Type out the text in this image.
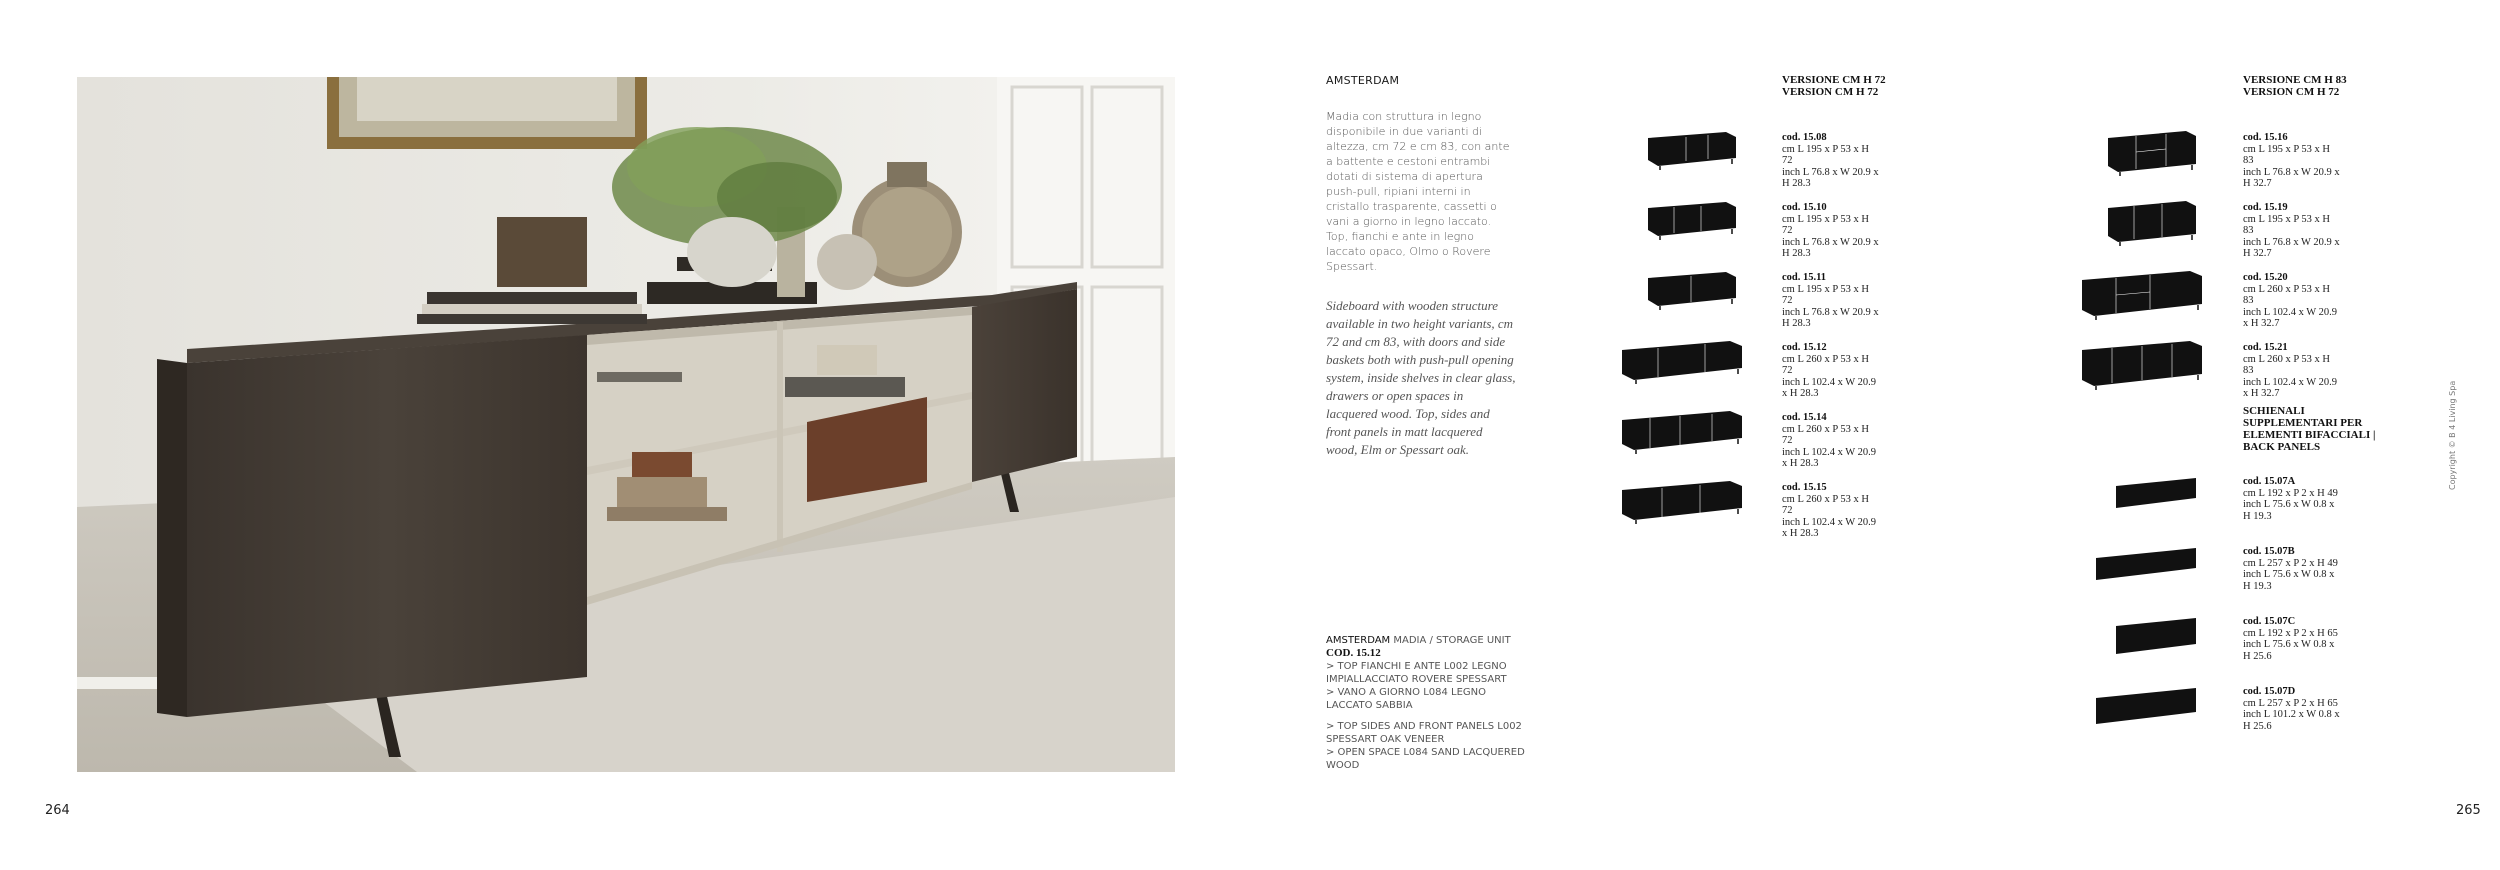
264	265
AMSTERDAM
Madia con struttura in legno disponibile in due varianti di altezza, cm 72 e cm 83, con ante a battente e cestoni entrambi dotati di sistema di apertura push-pull, ripiani interni in cristallo trasparente, cassetti o vani a giorno in legno laccato. Top, fianchi e ante in legno laccato opaco, Olmo o Rovere Spessart.
Sideboard with wooden structure available in two height variants, cm 72 and cm 83, with doors and side baskets both with push-pull opening system, inside shelves in clear glass, drawers or open spaces in lacquered wood. Top, sides and front panels in matt lacquered wood, Elm or Spessart oak.

AMSTERDAM MADIA / STORAGE UNIT

COD. 15.12

> TOP FIANCHI E ANTE L002 LEGNO IMPIALLACCIATO ROVERE SPESSART

> VANO A GIORNO L084 LEGNO LACCATO SABBIA

> TOP SIDES AND FRONT PANELS L002 SPESSART OAK VENEER

> OPEN SPACE L084 SAND LACQUERED WOOD

VERSIONE CM H 72
VERSION CM H 72
cod. 15.08
cm L 195 x P 53 x H 72
inch L 76.8 x W 20.9 x H 28.3
cod. 15.10
cm L 195 x P 53 x H 72
inch L 76.8 x W 20.9 x H 28.3
cod. 15.11
cm L 195 x P 53 x H 72
inch L 76.8 x W 20.9 x H 28.3
cod. 15.12
cm L 260 x P 53 x H 72
inch L 102.4 x W 20.9 x H 28.3
cod. 15.14
cm L 260 x P 53 x H 72
inch L 102.4 x W 20.9 x H 28.3
cod. 15.15
cm L 260 x P 53 x H 72
inch L 102.4 x W 20.9 x H 28.3
VERSIONE CM H 83
VERSION CM H 72
cod. 15.16
cm L 195 x P 53 x H 83
inch L 76.8 x W 20.9 x H 32.7
cod. 15.19
cm L 195 x P 53 x H 83
inch L 76.8 x W 20.9 x H 32.7
cod. 15.20
cm L 260 x P 53 x H 83
inch L 102.4 x W 20.9 x H 32.7
cod. 15.21
cm L 260 x P 53 x H 83
inch L 102.4 x W 20.9 x H 32.7
SCHIENALI SUPPLEMENTARI PER ELEMENTI BIFACCIALI | BACK PANELS
cod. 15.07A
cm L 192 x P 2 x H 49
inch L 75.6 x W 0.8 x H 19.3
cod. 15.07B
cm L 257 x P 2 x H 49
inch L 75.6 x W 0.8 x H 19.3
cod. 15.07C
cm L 192 x P 2 x H 65
inch L 75.6 x W 0.8 x H 25.6
cod. 15.07D
cm L 257 x P 2 x H 65
inch L 101.2 x W 0.8 x H 25.6
Copyright © B 4 Living Spa
